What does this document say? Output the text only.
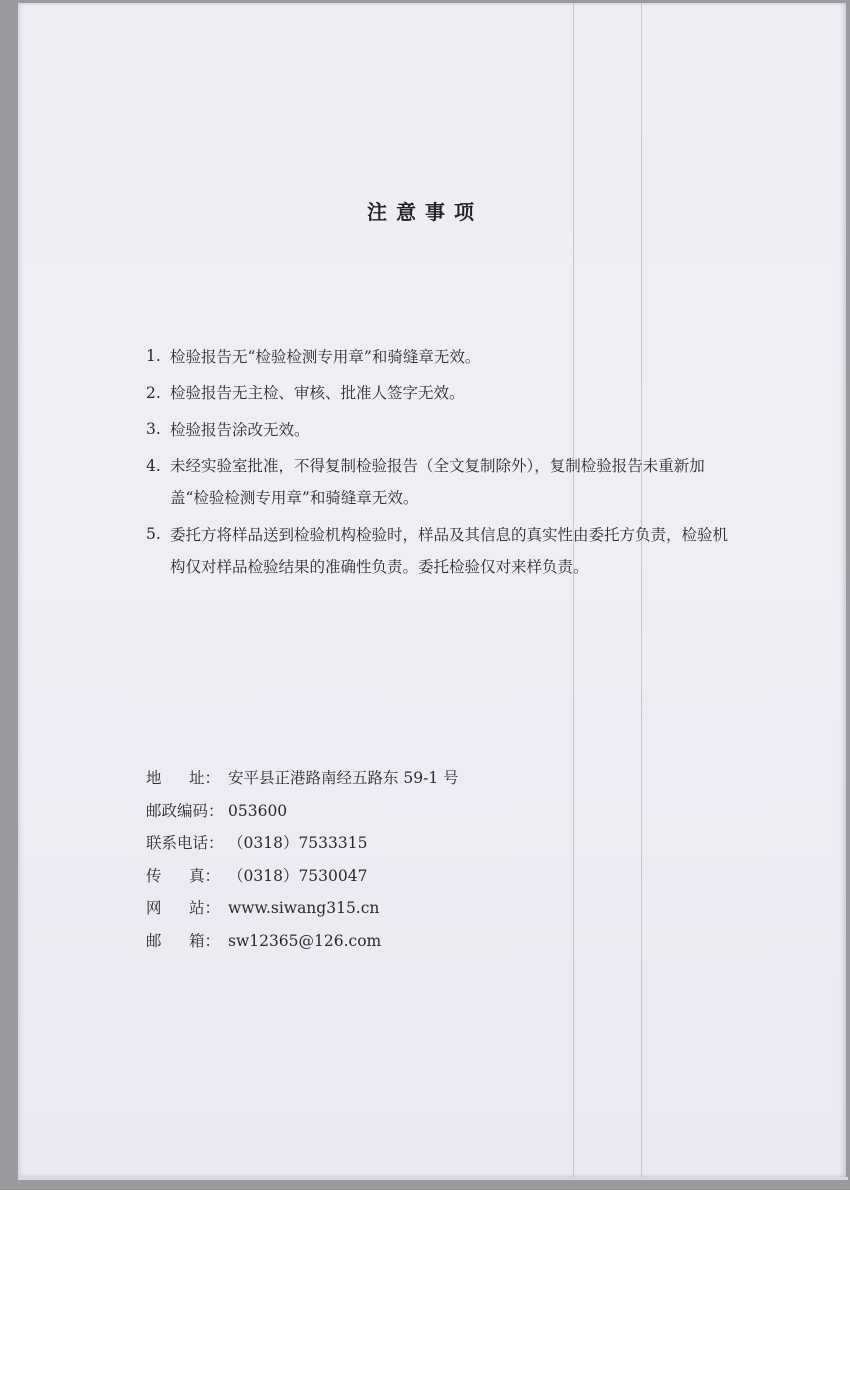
注意事项
1. 检验报告无“检验检测专用章”和骑缝章无效。
2. 检验报告无主检、审核、批准人签字无效。
3. 检验报告涂改无效。
4. 未经实验室批准，不得复制检验报告（全文复制除外），复制检验报告未重新加盖“检验检测专用章”和骑缝章无效。
5. 委托方将样品送到检验机构检验时，样品及其信息的真实性由委托方负责，检验机构仅对样品检验结果的准确性负责。委托检验仅对来样负责。
地 址： 安平县正港路南经五路东 59-1 号
邮政编码： 053600
联系电话： （0318）7533315
传 真： （0318）7530047
网 站： www.siwang315.cn
邮 箱： sw12365@126.com
